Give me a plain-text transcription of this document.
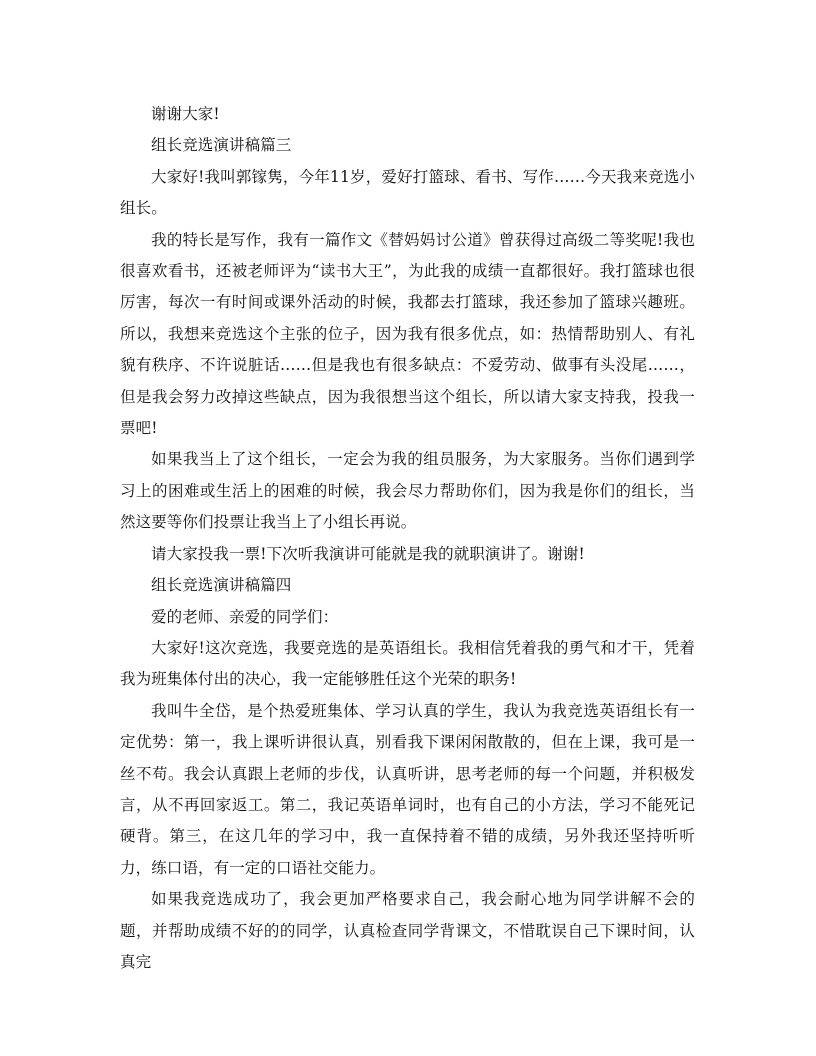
谢谢大家!

组长竞选演讲稿篇三

大家好!我叫郭镓隽，今年11岁，爱好打篮球、看书、写作……今天我来竞选小组长。

我的特长是写作，我有一篇作文《替妈妈讨公道》曾获得过高级二等奖呢!我也很喜欢看书，还被老师评为“读书大王”，为此我的成绩一直都很好。我打篮球也很厉害，每次一有时间或课外活动的时候，我都去打篮球，我还参加了篮球兴趣班。所以，我想来竞选这个主张的位子，因为我有很多优点，如：热情帮助别人、有礼貌有秩序、不许说脏话……但是我也有很多缺点：不爱劳动、做事有头没尾……，但是我会努力改掉这些缺点，因为我很想当这个组长，所以请大家支持我，投我一票吧!

如果我当上了这个组长，一定会为我的组员服务，为大家服务。当你们遇到学习上的困难或生活上的困难的时候，我会尽力帮助你们，因为我是你们的组长，当然这要等你们投票让我当上了小组长再说。

请大家投我一票!下次听我演讲可能就是我的就职演讲了。谢谢!

组长竞选演讲稿篇四

爱的老师、亲爱的同学们：

大家好!这次竞选，我要竞选的是英语组长。我相信凭着我的勇气和才干，凭着我为班集体付出的决心，我一定能够胜任这个光荣的职务!

我叫牛全岱，是个热爱班集体、学习认真的学生，我认为我竞选英语组长有一定优势：第一，我上课听讲很认真，别看我下课闲闲散散的，但在上课，我可是一丝不苟。我会认真跟上老师的步伐，认真听讲，思考老师的每一个问题，并积极发言，从不再回家返工。第二，我记英语单词时，也有自己的小方法，学习不能死记硬背。第三，在这几年的学习中，我一直保持着不错的成绩，另外我还坚持听听力，练口语，有一定的口语社交能力。

如果我竞选成功了，我会更加严格要求自己，我会耐心地为同学讲解不会的题，并帮助成绩不好的的同学，认真检查同学背课文，不惜耽误自己下课时间，认真完
